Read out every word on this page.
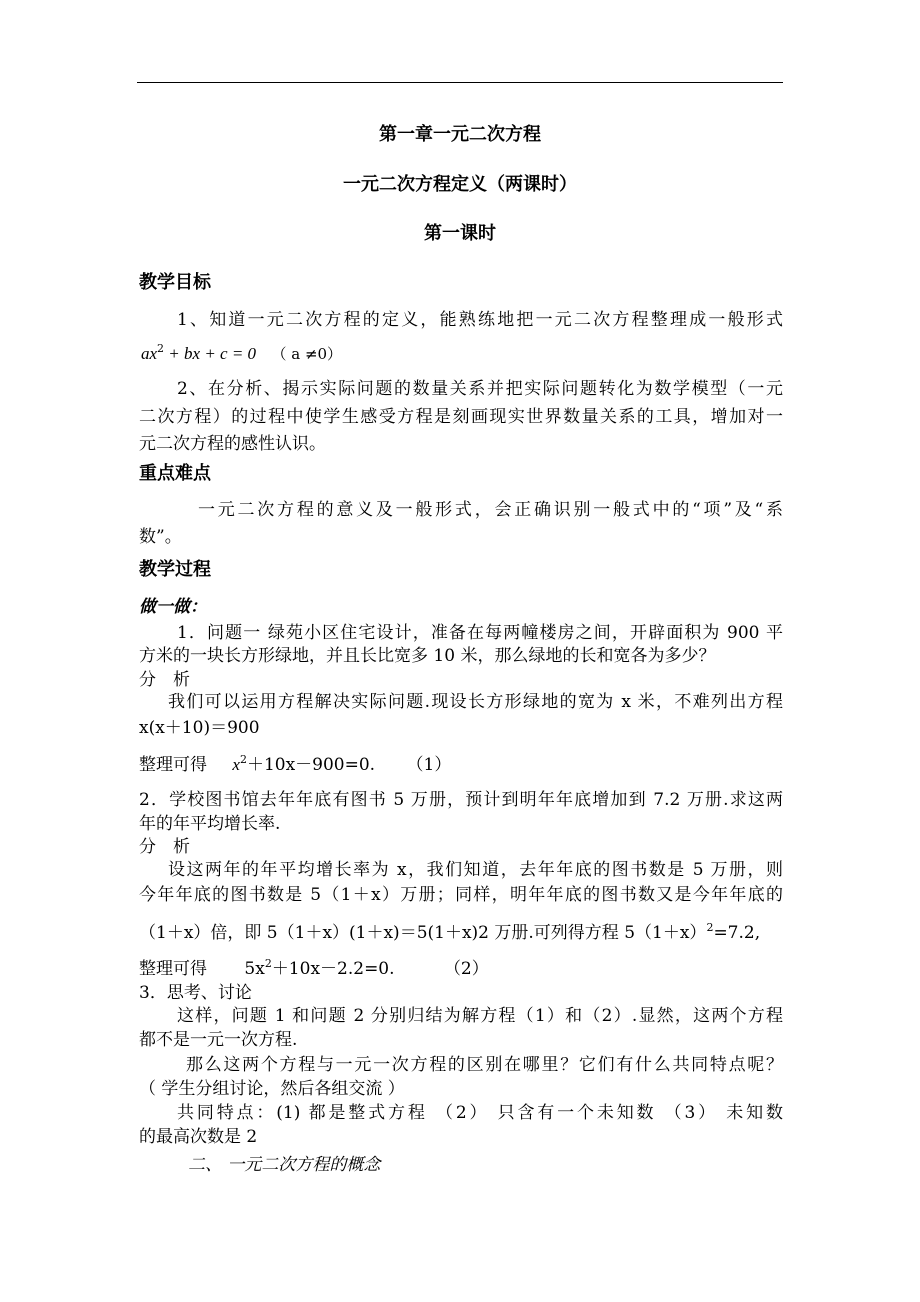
第一章一元二次方程
一元二次方程定义（两课时）
第一课时
教学目标
1、知道一元二次方程的定义，能熟练地把一元二次方程整理成一般形式
$ax^2$ + bx + c = 0 （ a ≠0）
2、在分析、揭示实际问题的数量关系并把实际问题转化为数学模型（一元
二次方程）的过程中使学生感受方程是刻画现实世界数量关系的工具，增加对一
元二次方程的感性认识。
重点难点
一元二次方程的意义及一般形式，会正确识别一般式中的“项”及“系
数”。
教学过程
做一做：
1．问题一 绿苑小区住宅设计，准备在每两幢楼房之间，开辟面积为 900 平
方米的一块长方形绿地，并且长比宽多 10 米，那么绿地的长和宽各为多少？
分　析
我们可以运用方程解决实际问题.现设长方形绿地的宽为 x 米，不难列出方程
x(x＋10)＝900
整理可得 $x^2+10x-900=0$. （1）
2．学校图书馆去年年底有图书 5 万册，预计到明年年底增加到 7.2 万册.求这两
年的年平均增长率.
分　析
设这两年的年平均增长率为 x，我们知道，去年年底的图书数是 5 万册，则
今年年底的图书数是 5（1＋x）万册；同样，明年年底的图书数又是今年年底的
（1＋x）倍，即 5（1＋x）(1＋x)＝5(1＋x)2 万册.可列得方程 $5(1+x)^2=7.2$,
整理可得 $5x^2+10x-2.2=0$.	（2）
3．思考、讨论
这样，问题 1 和问题 2 分别归结为解方程（1）和（2）.显然，这两个方程
都不是一元一次方程.
那么这两个方程与一元一次方程的区别在哪里？它们有什么共同特点呢？
（ 学生分组讨论，然后各组交流 ）
共同特点：(1) 都是整式方程 （2） 只含有一个未知数 （3） 未知数
的最高次数是 2
二、 一元二次方程的概念
